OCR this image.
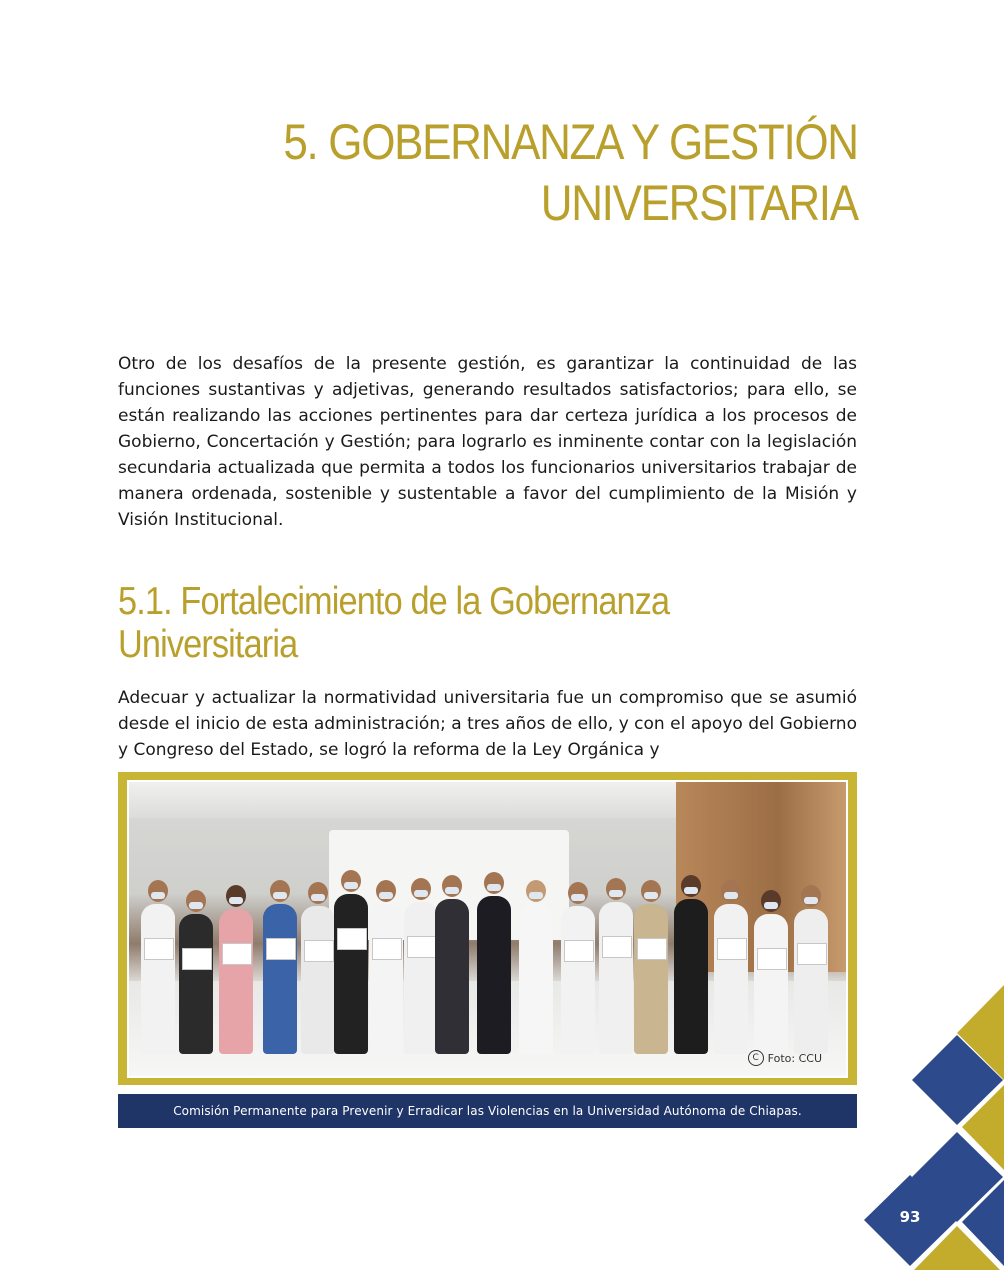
5. GOBERNANZA Y GESTIÓN
UNIVERSITARIA

Otro de los desafíos de la presente gestión, es garantizar la continuidad de las funciones sustantivas y adjetivas, generando resultados satisfactorios; para ello, se están realizando las acciones pertinentes para dar certeza jurídica a los procesos de Gobierno, Concertación y Gestión; para lograrlo es inminente contar con la legislación secundaria actualizada que permita a todos los funcionarios universitarios trabajar de manera ordenada, sostenible y sustentable a favor del cumplimiento de la Misión y Visión Institucional.

5.1. Fortalecimiento de la Gobernanza
Universitaria

Adecuar y actualizar la normatividad universitaria fue un compromiso que se asumió desde el inicio de esta administración; a tres años de ello, y con el apoyo del Gobierno y Congreso del Estado, se logró la reforma de la Ley Orgánica y

C Foto: CCU
Comisión Permanente para Prevenir y Erradicar las Violencias en la Universidad Autónoma de Chiapas.
93
